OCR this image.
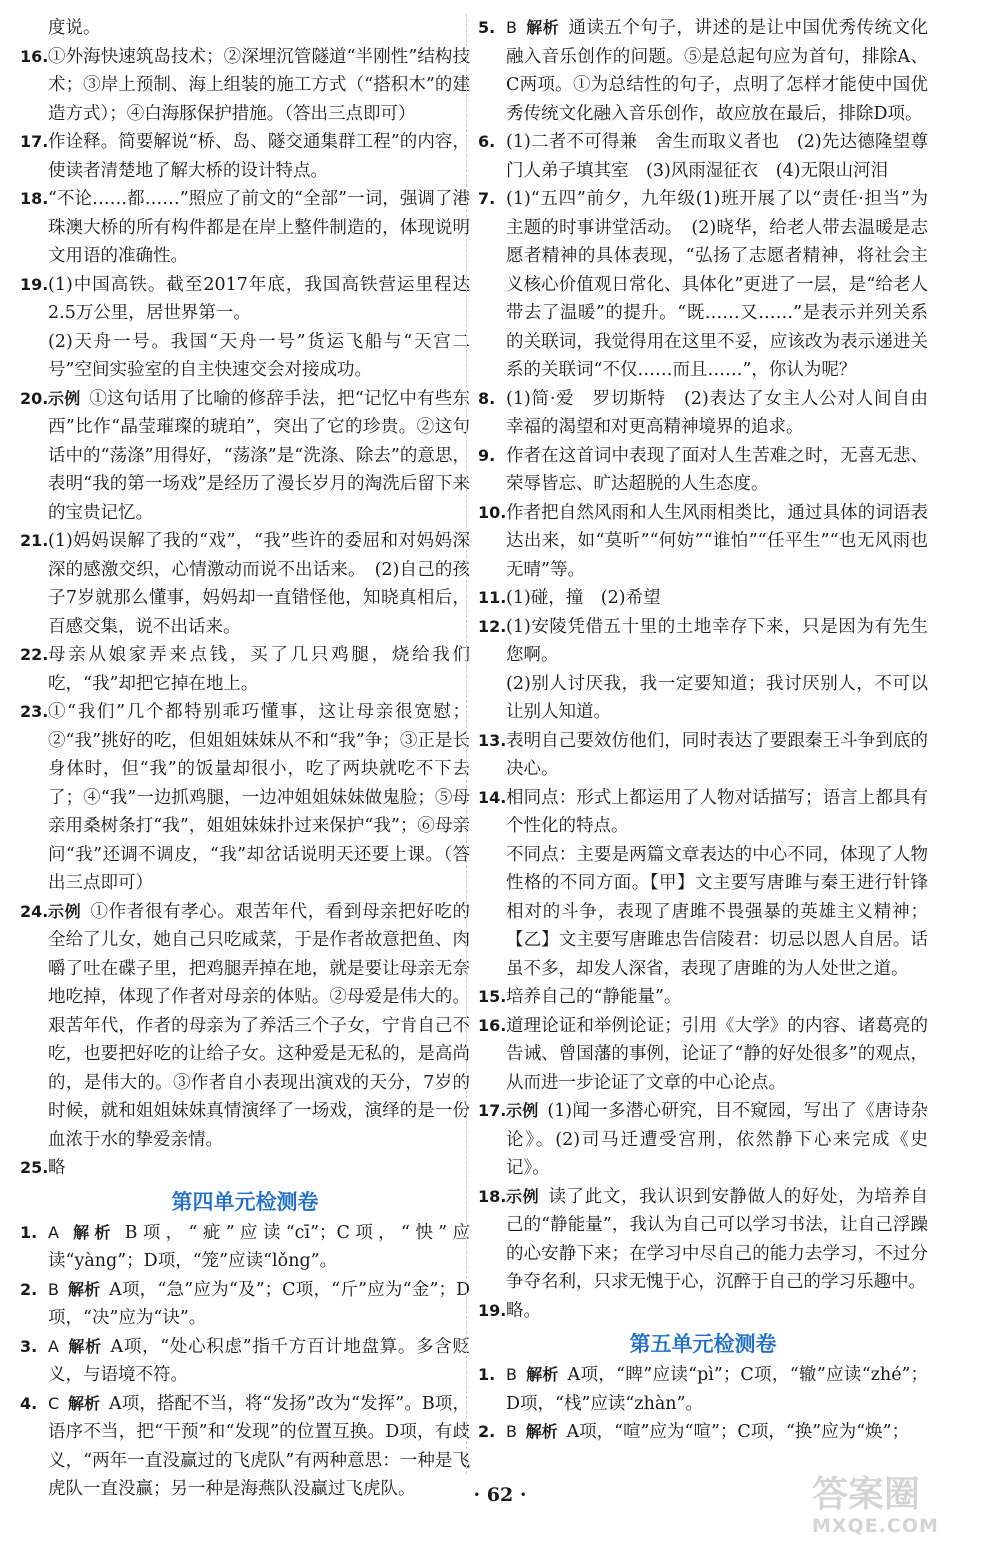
度说。

16. ①外海快速筑岛技术；②深埋沉管隧道“半刚性”结构技术；③岸上预制、海上组装的施工方式（“搭积木”的建造方式）；④白海豚保护措施。（答出三点即可）

17. 作诠释。简要解说“桥、岛、隧交通集群工程”的内容，使读者清楚地了解大桥的设计特点。

18. “不论……都……”照应了前文的“全部”一词，强调了港珠澳大桥的所有构件都是在岸上整件制造的，体现说明文用语的准确性。

19. (1)中国高铁。截至2017年底，我国高铁营运里程达2.5万公里，居世界第一。

(2)天舟一号。我国“天舟一号”货运飞船与“天宫二号”空间实验室的自主快速交会对接成功。

20. 示例  ①这句话用了比喻的修辞手法，把“记忆中有些东西”比作“晶莹璀璨的琥珀”，突出了它的珍贵。②这句话中的“荡涤”用得好，“荡涤”是“洗涤、除去”的意思，表明“我的第一场戏”是经历了漫长岁月的淘洗后留下来的宝贵记忆。

21. (1)妈妈误解了我的“戏”，“我”些许的委屈和对妈妈深深的感激交织，心情激动而说不出话来。　(2)自己的孩子7岁就那么懂事，妈妈却一直错怪他，知晓真相后，百感交集，说不出话来。

22. 母亲从娘家弄来点钱，买了几只鸡腿，烧给我们吃，“我”却把它掉在地上。

23. ①“我们”几个都特别乖巧懂事，这让母亲很宽慰；②“我”挑好的吃，但姐姐妹妹从不和“我”争；③正是长身体时，但“我”的饭量却很小，吃了两块就吃不下去了；④“我”一边抓鸡腿，一边冲姐姐妹妹做鬼脸；⑤母亲用桑树条打“我”，姐姐妹妹扑过来保护“我”；⑥母亲问“我”还调不调皮，“我”却岔话说明天还要上课。（答出三点即可）

24. 示例  ①作者很有孝心。艰苦年代，看到母亲把好吃的全给了儿女，她自己只吃咸菜，于是作者故意把鱼、肉嚼了吐在碟子里，把鸡腿弄掉在地，就是要让母亲无奈地吃掉，体现了作者对母亲的体贴。②母爱是伟大的。艰苦年代，作者的母亲为了养活三个子女，宁肯自己不吃，也要把好吃的让给子女。这种爱是无私的，是高尚的，是伟大的。③作者自小表现出演戏的天分，7岁的时候，就和姐姐妹妹真情演绎了一场戏，演绎的是一份血浓于水的挚爱亲情。

25. 略

第四单元检测卷

1. A  解析  B项，“疵”应读“cī”；C项，“怏”应读“yàng”；D项，“笼”应读“lǒng”。

2. B  解析  A项，“急”应为“及”；C项，“斤”应为“金”；D项，“决”应为“诀”。

3. A  解析  A项，“处心积虑”指千方百计地盘算。多含贬义，与语境不符。

4. C  解析  A项，搭配不当，将“发扬”改为“发挥”。B项，语序不当，把“干预”和“发现”的位置互换。D项，有歧义，“两年一直没赢过的飞虎队”有两种意思：一种是飞虎队一直没赢；另一种是海燕队没赢过飞虎队。

5. B  解析  通读五个句子，讲述的是让中国优秀传统文化融入音乐创作的问题。⑤是总起句应为首句，排除A、C两项。①为总结性的句子，点明了怎样才能使中国优秀传统文化融入音乐创作，故应放在最后，排除D项。

6. (1)二者不可得兼　舍生而取义者也　(2)先达德隆望尊　门人弟子填其室　(3)风雨湿征衣　(4)无限山河泪

7. (1)“五四”前夕，九年级(1)班开展了以“责任·担当”为主题的时事讲堂活动。　(2)晓华，给老人带去温暖是志愿者精神的具体表现，“弘扬了志愿者精神，将社会主义核心价值观日常化、具体化”更进了一层，是“给老人带去了温暖”的提升。“既……又……”是表示并列关系的关联词，我觉得用在这里不妥，应该改为表示递进关系的关联词“不仅……而且……”，你认为呢？

8. (1)简·爱　罗切斯特　(2)表达了女主人公对人间自由幸福的渴望和对更高精神境界的追求。

9. 作者在这首词中表现了面对人生苦难之时，无喜无悲、荣辱皆忘、旷达超脱的人生态度。

10. 作者把自然风雨和人生风雨相类比，通过具体的词语表达出来，如“莫听”“何妨”“谁怕”“任平生”“也无风雨也无晴”等。

11. (1)碰，撞　(2)希望

12. (1)安陵凭借五十里的土地幸存下来，只是因为有先生您啊。

(2)别人讨厌我，我一定要知道；我讨厌别人，不可以让别人知道。

13. 表明自己要效仿他们，同时表达了要跟秦王斗争到底的决心。

14. 相同点：形式上都运用了人物对话描写；语言上都具有个性化的特点。

不同点：主要是两篇文章表达的中心不同，体现了人物性格的不同方面。【甲】文主要写唐雎与秦王进行针锋相对的斗争，表现了唐雎不畏强暴的英雄主义精神；【乙】文主要写唐雎忠告信陵君：切忌以恩人自居。话虽不多，却发人深省，表现了唐雎的为人处世之道。

15. 培养自己的“静能量”。

16. 道理论证和举例论证；引用《大学》的内容、诸葛亮的告诫、曾国藩的事例，论证了“静的好处很多”的观点，从而进一步论证了文章的中心论点。

17. 示例  (1)闻一多潜心研究，目不窥园，写出了《唐诗杂论》。(2)司马迁遭受宫刑，依然静下心来完成《史记》。

18. 示例  读了此文，我认识到安静做人的好处，为培养自己的“静能量”，我认为自己可以学习书法，让自己浮躁的心安静下来；在学习中尽自己的能力去学习，不过分争夺名利，只求无愧于心，沉醉于自己的学习乐趣中。

19. 略。

第五单元检测卷

1. B  解析  A项，“睥”应读“pì”；C项，“辙”应读“zhé”；D项，“栈”应读“zhàn”。

2. B  解析  A项，“喧”应为“喧”；C项，“换”应为“焕”；

· 62 ·	答案圈
MXQE.COM
